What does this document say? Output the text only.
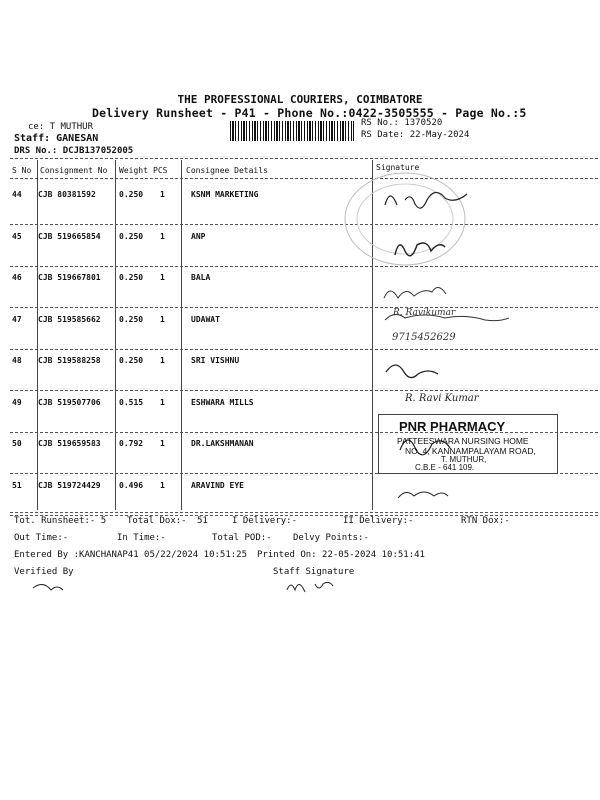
THE PROFESSIONAL COURIERS, COIMBATORE
Delivery Runsheet - P41 - Phone No.:0422-3505555 - Page No.:5
ce: T MUTHUR
Staff: GANESAN
DRS No.: DCJB137052005
RS No.: 1370520
RS Date: 22-May-2024
S No Consignment No Weight PCS Consignee Details	Signature
44 CJB 80381592	0.250 1	KSNM MARKETING
45 CJB 519665854 0.250 1	ANP
46 CJB 519667801 0.250 1	BALA
47 CJB 519585662 0.250 1	UDAWAT
48 CJB 519588258 0.250 1	SRI VISHNU
49 CJB 519507706 0.515 1	ESHWARA MILLS
50 CJB 519659583 0.792 1	DR.LAKSHMANAN
51 CJB 519724429 0.496 1	ARAVIND EYE
9715452629
R. Ravikumar
R. Ravi Kumar
PNR PHARMACY
PATTEESWARA NURSING HOME
NO. 4, KANNAMPALAYAM ROAD,
T. MUTHUR,
C.B.E - 641 109.
Tot. Runsheet:- 5 Total Dox:- 51	I Delivery:-	II Delivery:-	RTN Dox:-
Out Time:-	In Time:-	Total POD:- Delvy Points:-
Entered By :KANCHANAP41 05/22/2024 10:51:25 Printed On: 22-05-2024 10:51:41
Verified By	Staff Signature
